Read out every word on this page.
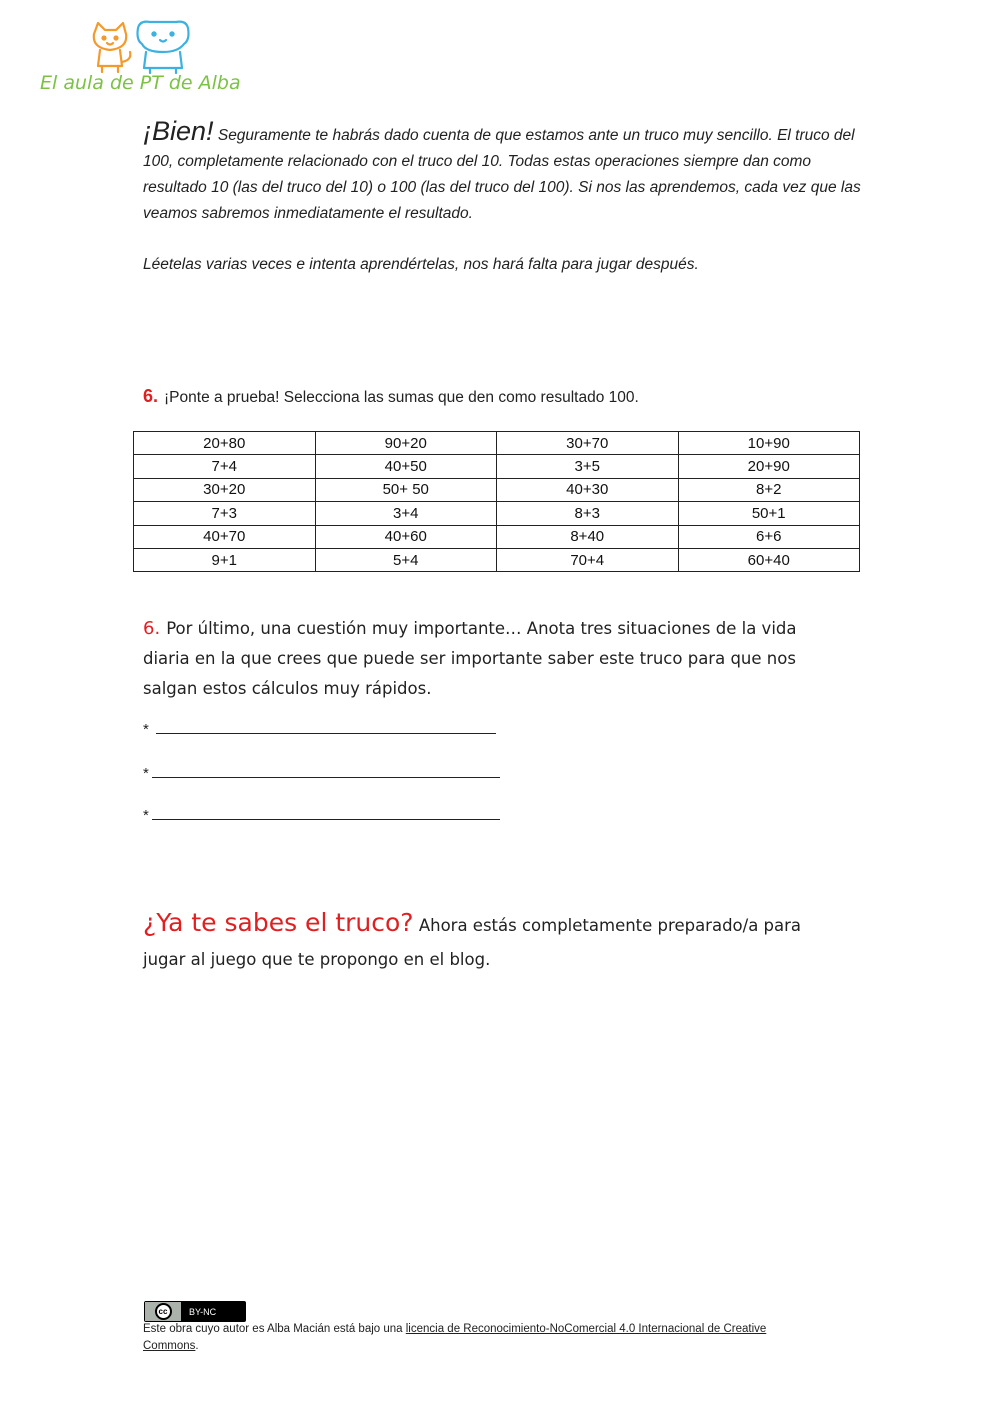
El aula de PT de Alba
¡Bien! Seguramente te habrás dado cuenta de que estamos ante un truco muy sencillo. El truco del 100, completamente relacionado con el truco del 10. Todas estas operaciones siempre dan como resultado 10 (las del truco del 10) o 100 (las del truco del 100). Si nos las aprendemos, cada vez que las veamos sabremos inmediatamente el resultado.
Léetelas varias veces e intenta aprendértelas, nos hará falta para jugar después.
6. ¡Ponte a prueba! Selecciona las sumas que den como resultado 100.
20+80	90+20	30+70	10+90
7+4	40+50	3+5	20+90
30+20	50+ 50	40+30	8+2
7+3	3+4	8+3	50+1
40+70	40+60	8+40	6+6
9+1	5+4	70+4	60+40
6. Por último, una cuestión muy importante… Anota tres situaciones de la vida diaria en la que crees que puede ser importante saber este truco para que nos salgan estos cálculos muy rápidos.
*
*
*
¿Ya te sabes el truco? Ahora estás completamente preparado/a para jugar al juego que te propongo en el blog.
cc	BY-NC
Este obra cuyo autor es Alba Macián está bajo una licencia de Reconocimiento-NoComercial 4.0 Internacional de Creative Commons.
